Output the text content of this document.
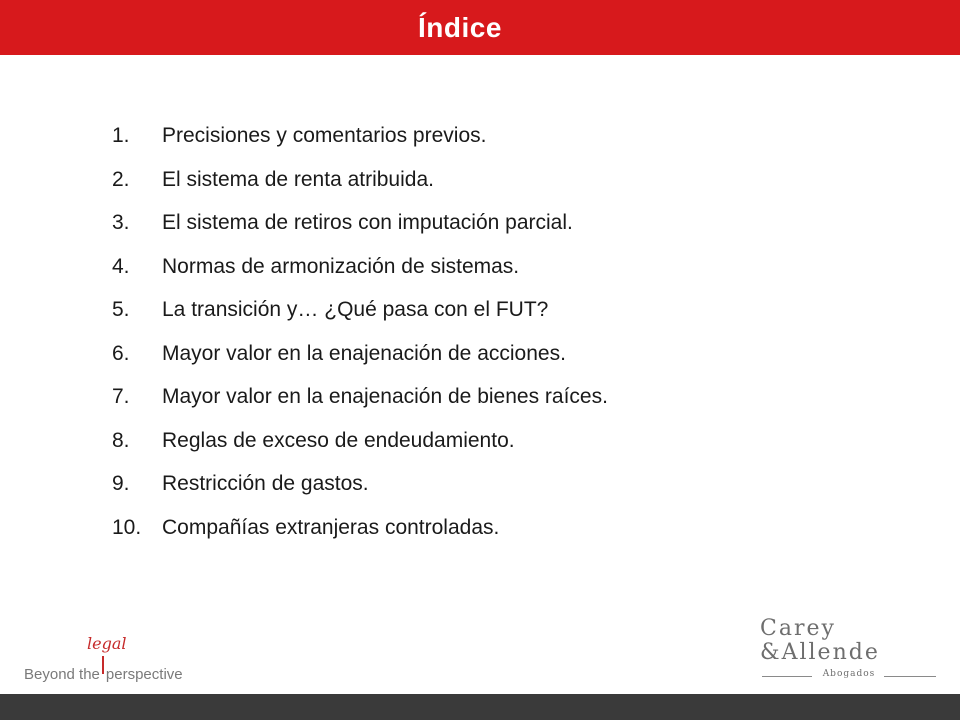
Índice
1.	Precisiones y comentarios previos.
2.	El sistema de renta atribuida.
3.	El sistema de retiros con imputación parcial.
4.	Normas de armonización de sistemas.
5.	La transición y… ¿Qué pasa con el FUT?
6.	Mayor valor en la enajenación de acciones.
7.	Mayor valor en la enajenación de bienes raíces.
8.	Reglas de exceso de endeudamiento.
9.	Restricción de gastos.
10. Compañías extranjeras controladas.
legal
Beyond the perspective
Carey
&Allende
Abogados
